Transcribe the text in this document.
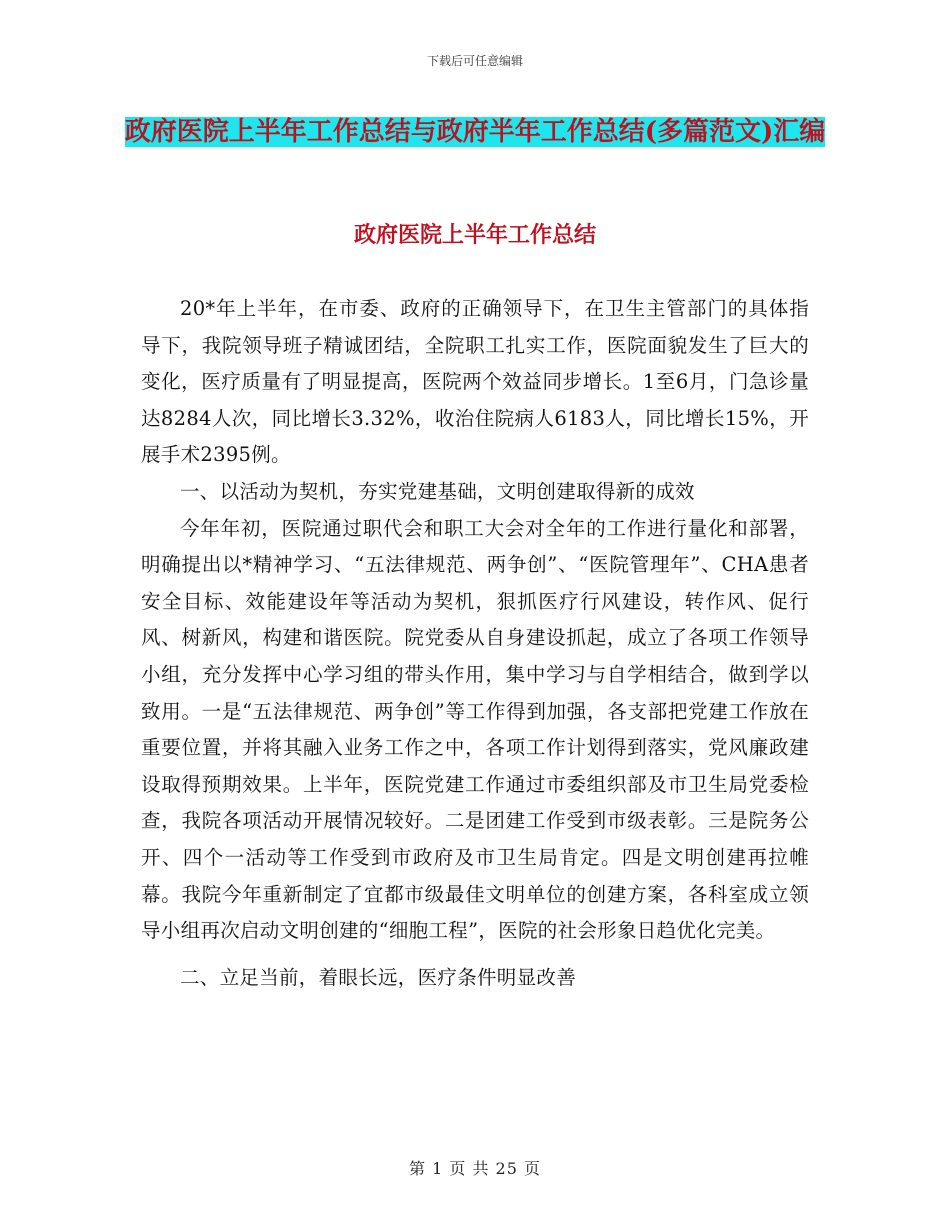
下载后可任意编辑
政府医院上半年工作总结与政府半年工作总结(多篇范文)汇编
政府医院上半年工作总结

20*年上半年，在市委、政府的正确领导下，在卫生主管部门的具体指导下，我院领导班子精诚团结，全院职工扎实工作，医院面貌发生了巨大的变化，医疗质量有了明显提高，医院两个效益同步增长。1至6月，门急诊量达8284人次，同比增长3.32%，收治住院病人6183人，同比增长15%，开展手术2395例。

一、以活动为契机，夯实党建基础，文明创建取得新的成效

今年年初，医院通过职代会和职工大会对全年的工作进行量化和部署，明确提出以*精神学习、“五法律规范、两争创”、“医院管理年”、CHA患者安全目标、效能建设年等活动为契机，狠抓医疗行风建设，转作风、促行风、树新风，构建和谐医院。院党委从自身建设抓起，成立了各项工作领导小组，充分发挥中心学习组的带头作用，集中学习与自学相结合，做到学以致用。一是“五法律规范、两争创”等工作得到加强，各支部把党建工作放在重要位置，并将其融入业务工作之中，各项工作计划得到落实，党风廉政建设取得预期效果。上半年，医院党建工作通过市委组织部及市卫生局党委检查，我院各项活动开展情况较好。二是团建工作受到市级表彰。三是院务公开、四个一活动等工作受到市政府及市卫生局肯定。四是文明创建再拉帷幕。我院今年重新制定了宜都市级最佳文明单位的创建方案，各科室成立领导小组再次启动文明创建的“细胞工程”，医院的社会形象日趋优化完美。

二、立足当前，着眼长远，医疗条件明显改善

第 1 页 共 25 页
